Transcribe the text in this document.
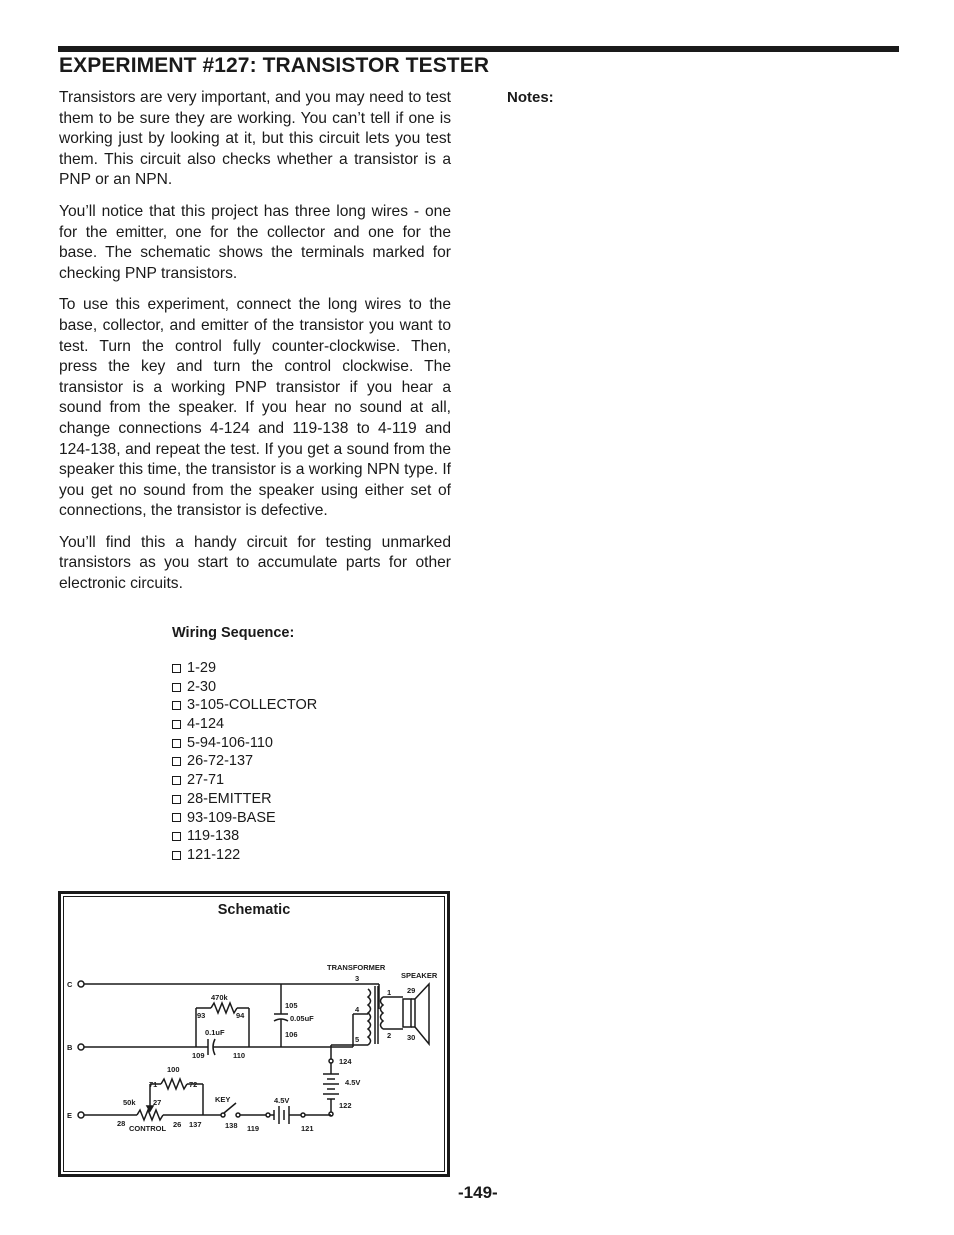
EXPERIMENT #127: TRANSISTOR TESTER

Transistors are very important, and you may need to test them to be sure they are working. You can’t tell if one is working just by looking at it, but this circuit lets you test them. This circuit also checks whether a transistor is a PNP or an NPN.

You’ll notice that this project has three long wires - one for the emitter, one for the collector and one for the base. The schematic shows the terminals marked for checking PNP transistors.

To use this experiment, connect the long wires to the base, collector, and emitter of the transistor you want to test. Turn the control fully counter-clockwise. Then, press the key and turn the control clockwise. The transistor is a working PNP transistor if you hear a sound from the speaker. If you hear no sound at all, change connections 4-124 and 119-138 to 4-119 and 124-138, and repeat the test. If you get a sound from the speaker this time, the transistor is a working NPN type. If you get no sound from the speaker using either set of connections, the transistor is defective.

You’ll find this a handy circuit for testing unmarked transistors as you start to accumulate parts for other electronic circuits.

Notes:
Wiring Sequence:
1-29
2-30
3-105-COLLECTOR
4-124
5-94-106-110
26-72-137
27-71
28-EMITTER
93-109-BASE
119-138
121-122
Schematic
C
B
E
TRANSFORMER
SPEAKER
3
4
5
1
2
29
30
470k
93	94
0.1uF
109	110
105
0.05uF
106
124
4.5V
122
100
71	72
50k 27
28
CONTROL 26 137
KEY
138 119
4.5V
121
-149-
